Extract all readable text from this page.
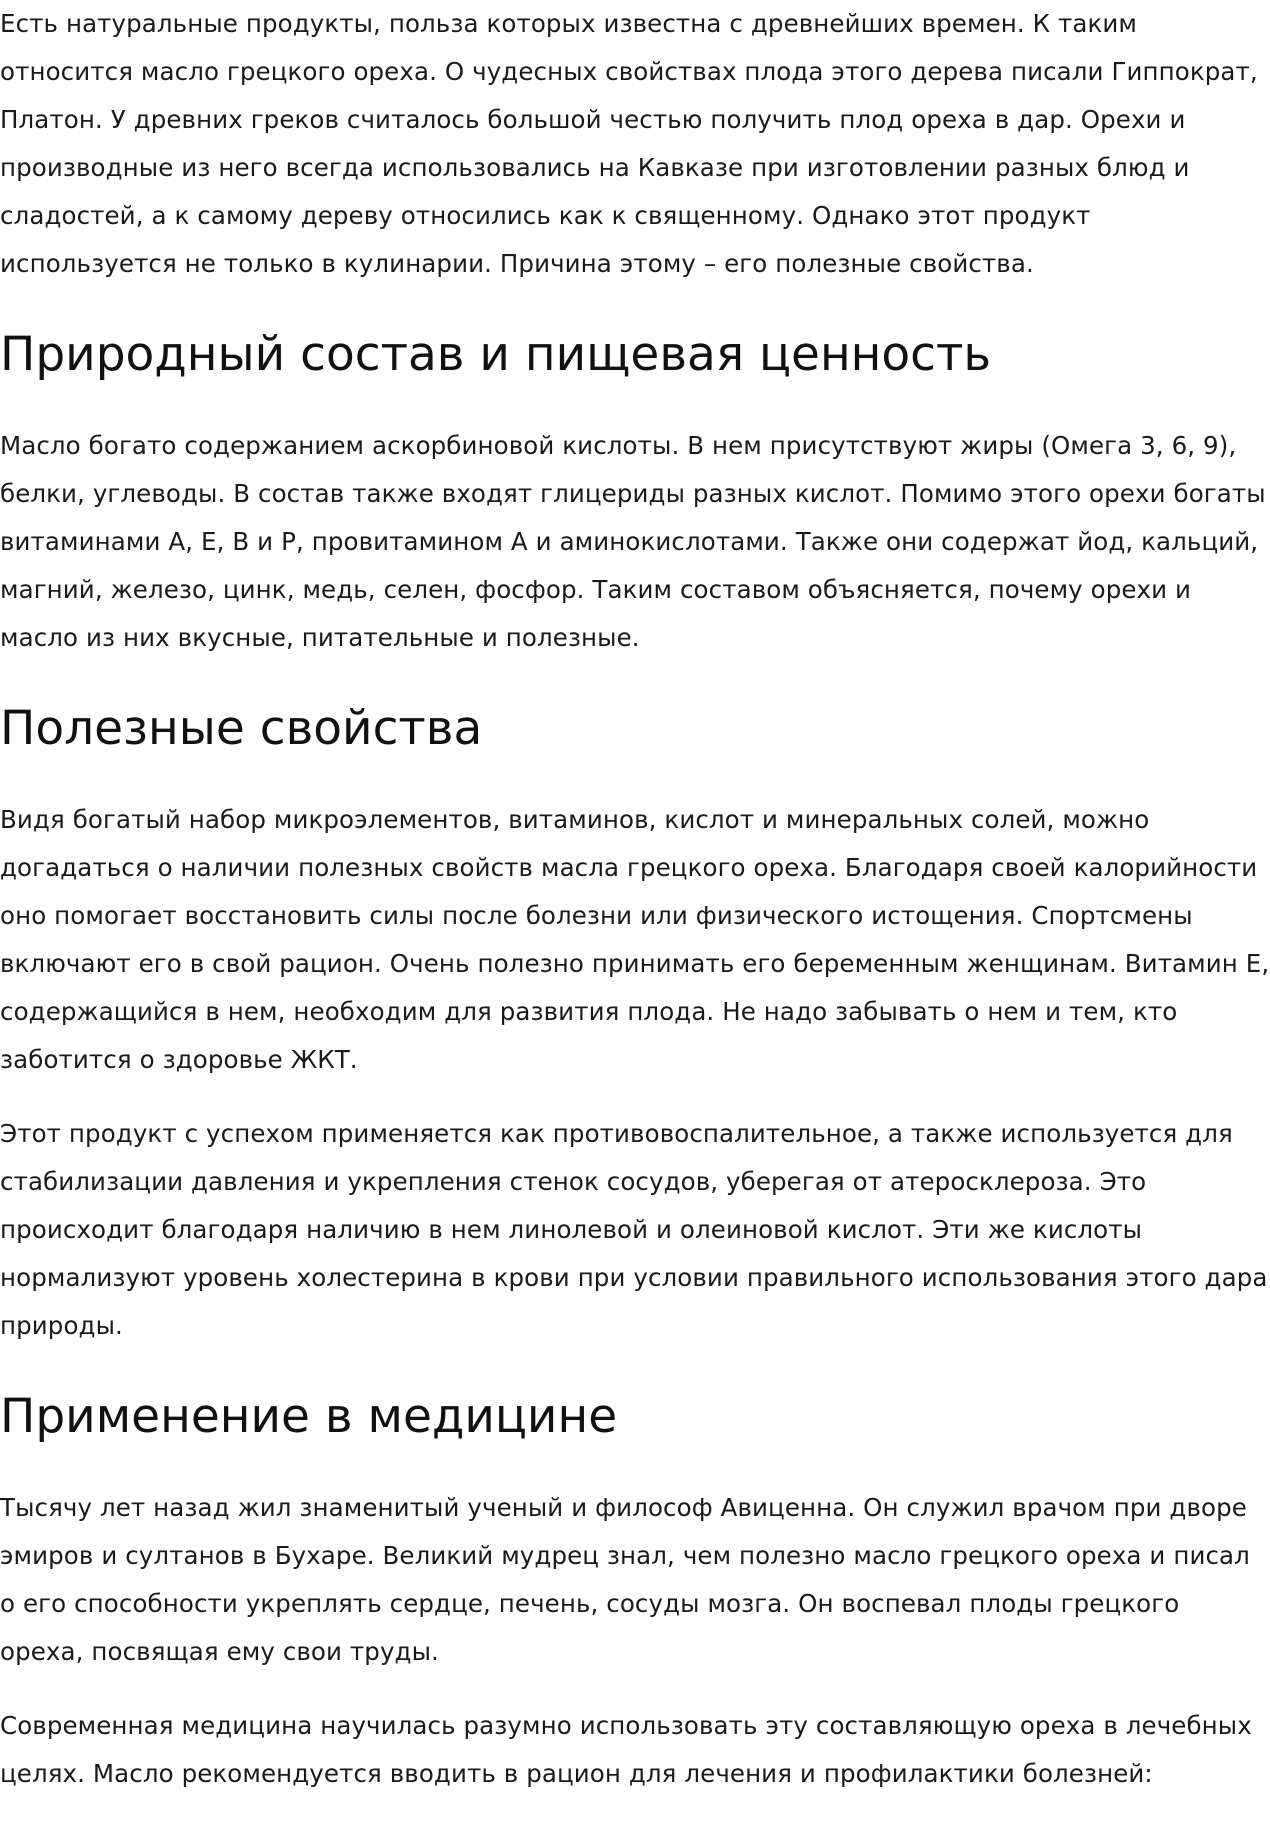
Есть натуральные продукты, польза которых известна с древнейших времен. К таким относится масло грецкого ореха. О чудесных свойствах плода этого дерева писали Гиппократ, Платон. У древних греков считалось большой честью получить плод ореха в дар. Орехи и производные из него всегда использовались на Кавказе при изготовлении разных блюд и сладостей, а к самому дереву относились как к священному. Однако этот продукт используется не только в кулинарии. Причина этому – его полезные свойства.

Природный состав и пищевая ценность

Масло богато содержанием аскорбиновой кислоты. В нем присутствуют жиры (Омега 3, 6, 9), белки, углеводы. В состав также входят глицериды разных кислот. Помимо этого орехи богаты витаминами А, Е, В и Р, провитамином А и аминокислотами. Также они содержат йод, кальций, магний, железо, цинк, медь, селен, фосфор. Таким составом объясняется, почему орехи и масло из них вкусные, питательные и полезные.

Полезные свойства

Видя богатый набор микроэлементов, витаминов, кислот и минеральных солей, можно догадаться о наличии полезных свойств масла грецкого ореха. Благодаря своей калорийности оно помогает восстановить силы после болезни или физического истощения. Спортсмены включают его в свой рацион. Очень полезно принимать его беременным женщинам. Витамин Е, содержащийся в нем, необходим для развития плода. Не надо забывать о нем и тем, кто заботится о здоровье ЖКТ.

Этот продукт с успехом применяется как противовоспалительное, а также используется для стабилизации давления и укрепления стенок сосудов, уберегая от атеросклероза. Это происходит благодаря наличию в нем линолевой и олеиновой кислот. Эти же кислоты нормализуют уровень холестерина в крови при условии правильного использования этого дара природы.

Применение в медицине

Тысячу лет назад жил знаменитый ученый и философ Авиценна. Он служил врачом при дворе эмиров и султанов в Бухаре. Великий мудрец знал, чем полезно масло грецкого ореха и писал о его способности укреплять сердце, печень, сосуды мозга. Он воспевал плоды грецкого ореха, посвящая ему свои труды.

Современная медицина научилась разумно использовать эту составляющую ореха в лечебных целях. Масло рекомендуется вводить в рацион для лечения и профилактики болезней:
